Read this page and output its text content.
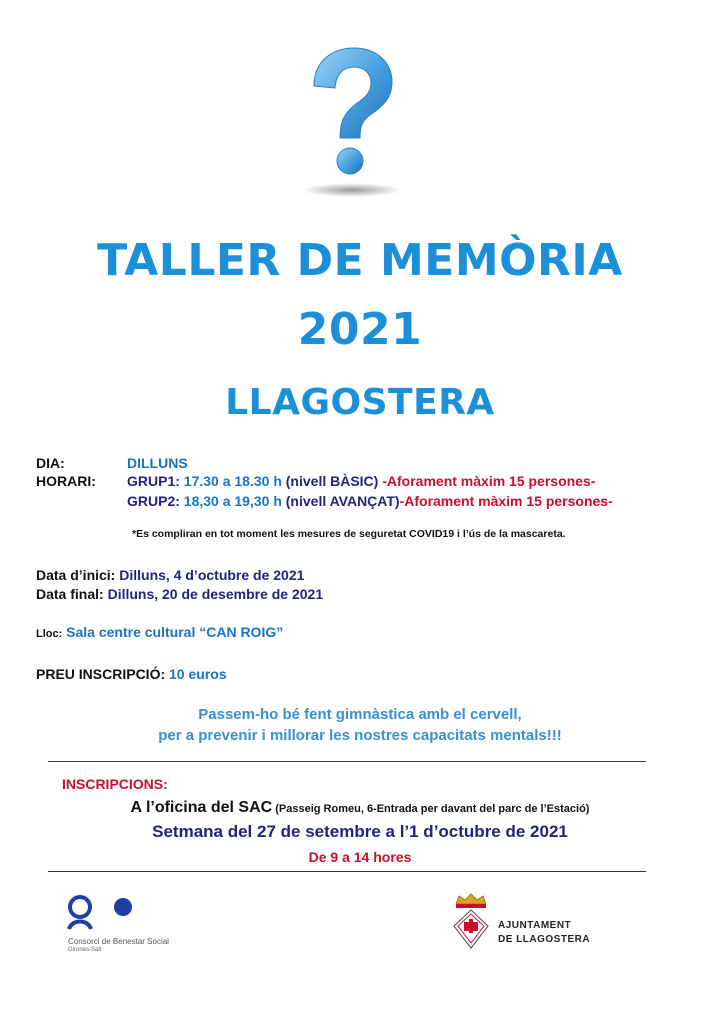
TALLER DE MEMÒRIA
2021
LLAGOSTERA
DIA:	DILLUNS
HORARI: GRUP1: 17.30 a 18.30 h (nivell BÀSIC) -Aforament màxim 15 persones-
GRUP2: 18,30 a 19,30 h (nivell AVANÇAT)-Aforament màxim 15 persones-
*Es compliran en tot moment les mesures de seguretat COVID19 i l’ús de la mascareta.
Data d’inici: Dilluns, 4 d’octubre de 2021
Data final: Dilluns, 20 de desembre de 2021
Lloc: Sala centre cultural “CAN ROIG”
PREU INSCRIPCIÓ: 10 euros
Passem-ho bé fent gimnàstica amb el cervell,
per a prevenir i millorar les nostres capacitats mentals!!!
INSCRIPCIONS:
A l’oficina del SAC (Passeig Romeu, 6-Entrada per davant del parc de l’Estació)
Setmana del 27 de setembre a l’1 d’octubre de 2021
De 9 a 14 hores
Consorci de Benestar Social
Gironès-Salt
AJUNTAMENT
DE LLAGOSTERA
